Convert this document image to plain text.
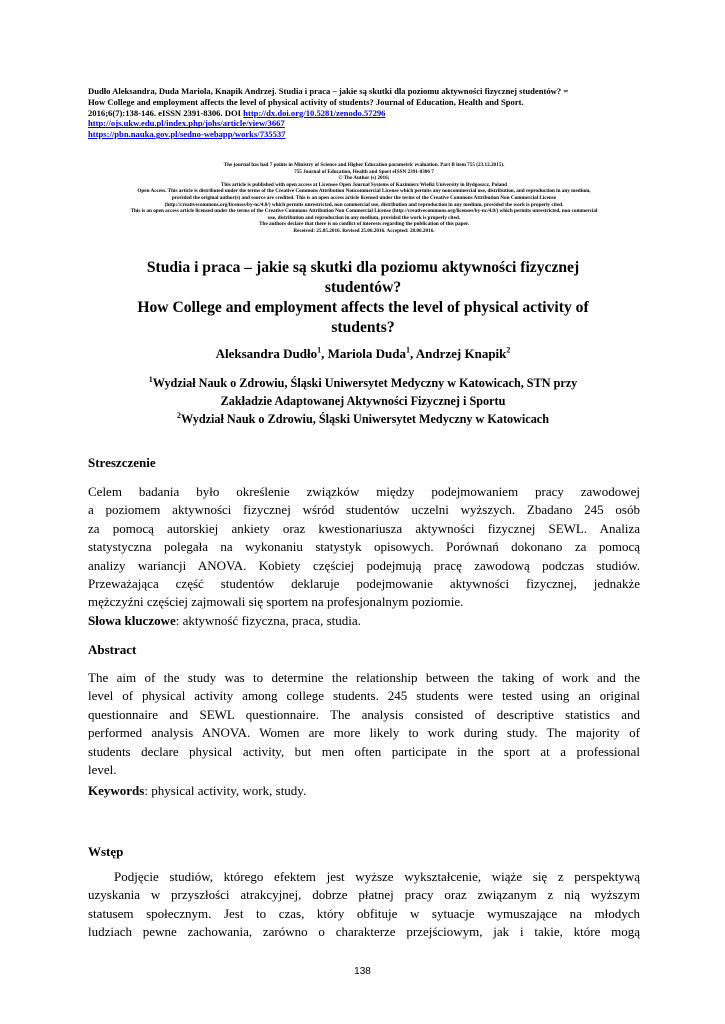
Dudło Aleksandra, Duda Mariola, Knapik Andrzej. Studia i praca – jakie są skutki dla poziomu aktywności fizycznej studentów? =
How College and employment affects the level of physical activity of students? Journal of Education, Health and Sport.
2016;6(7):138-146. eISSN 2391-8306. DOI http://dx.doi.org/10.5281/zenodo.57296
http://ojs.ukw.edu.pl/index.php/johs/article/view/3667
https://pbn.nauka.gov.pl/sedno-webapp/works/735537
The journal has had 7 points in Ministry of Science and Higher Education parametric evaluation. Part B item 755 (23.12.2015).
755 Journal of Education, Health and Sport eISSN 2391-8306 7
© The Author (s) 2016;
This article is published with open access at Licensee Open Journal Systems of Kazimierz Wielki University in Bydgoszcz, Poland
Open Access. This article is distributed under the terms of the Creative Commons Attribution Noncommercial License which permits any noncommercial use, distribution, and reproduction in any medium,
provided the original author(s) and source are credited. This is an open access article licensed under the terms of the Creative Commons Attribution Non Commercial License
(http://creativecommons.org/licenses/by-nc/4.0/) which permits unrestricted, non commercial use, distribution and reproduction in any medium, provided the work is properly cited.
This is an open access article licensed under the terms of the Creative Commons Attribution Non Commercial License (http://creativecommons.org/licenses/by-nc/4.0/) which permits unrestricted, non commercial
use, distribution and reproduction in any medium, provided the work is properly cited.
The authors declare that there is no conflict of interests regarding the publication of this paper.
Received: 25.05.2016. Revised 25.06.2016. Accepted: 28.06.2016.
Studia i praca – jakie są skutki dla poziomu aktywności fizycznej
studentów?
How College and employment affects the level of physical activity of
students?
Aleksandra Dudło$^1$, Mariola Duda$^1$, Andrzej Knapik$^2$
$^1$Wydział Nauk o Zdrowiu, Śląski Uniwersytet Medyczny w Katowicach, STN przy
Zakładzie Adaptowanej Aktywności Fizycznej i Sportu
$^2$Wydział Nauk o Zdrowiu, Śląski Uniwersytet Medyczny w Katowicach
Streszczenie
Celem badania było określenie związków między podejmowaniem pracy zawodowej
a poziomem aktywności fizycznej wśród studentów uczelni wyższych. Zbadano 245 osób
za pomocą autorskiej ankiety oraz kwestionariusza aktywności fizycznej SEWL. Analiza
statystyczna polegała na wykonaniu statystyk opisowych. Porównań dokonano za pomocą
analizy wariancji ANOVA. Kobiety częściej podejmują pracę zawodową podczas studiów.
Przeważająca część studentów deklaruje podejmowanie aktywności fizycznej, jednakże
mężczyźni częściej zajmowali się sportem na profesjonalnym poziomie.
Słowa kluczowe: aktywność fizyczna, praca, studia.
Abstract
The aim of the study was to determine the relationship between the taking of work and the
level of physical activity among college students. 245 students were tested using an original
questionnaire and SEWL questionnaire. The analysis consisted of descriptive statistics and
performed analysis ANOVA. Women are more likely to work during study. The majority of
students declare physical activity, but men often participate in the sport at a professional
level.
Keywords: physical activity, work, study.
Wstęp
Podjęcie studiów, którego efektem jest wyższe wykształcenie, wiąże się z perspektywą
uzyskania w przyszłości atrakcyjnej, dobrze płatnej pracy oraz związanym z nią wyższym
statusem społecznym. Jest to czas, który obfituje w sytuacje wymuszające na młodych
ludziach pewne zachowania, zarówno o charakterze przejściowym, jak i takie, które mogą
138
